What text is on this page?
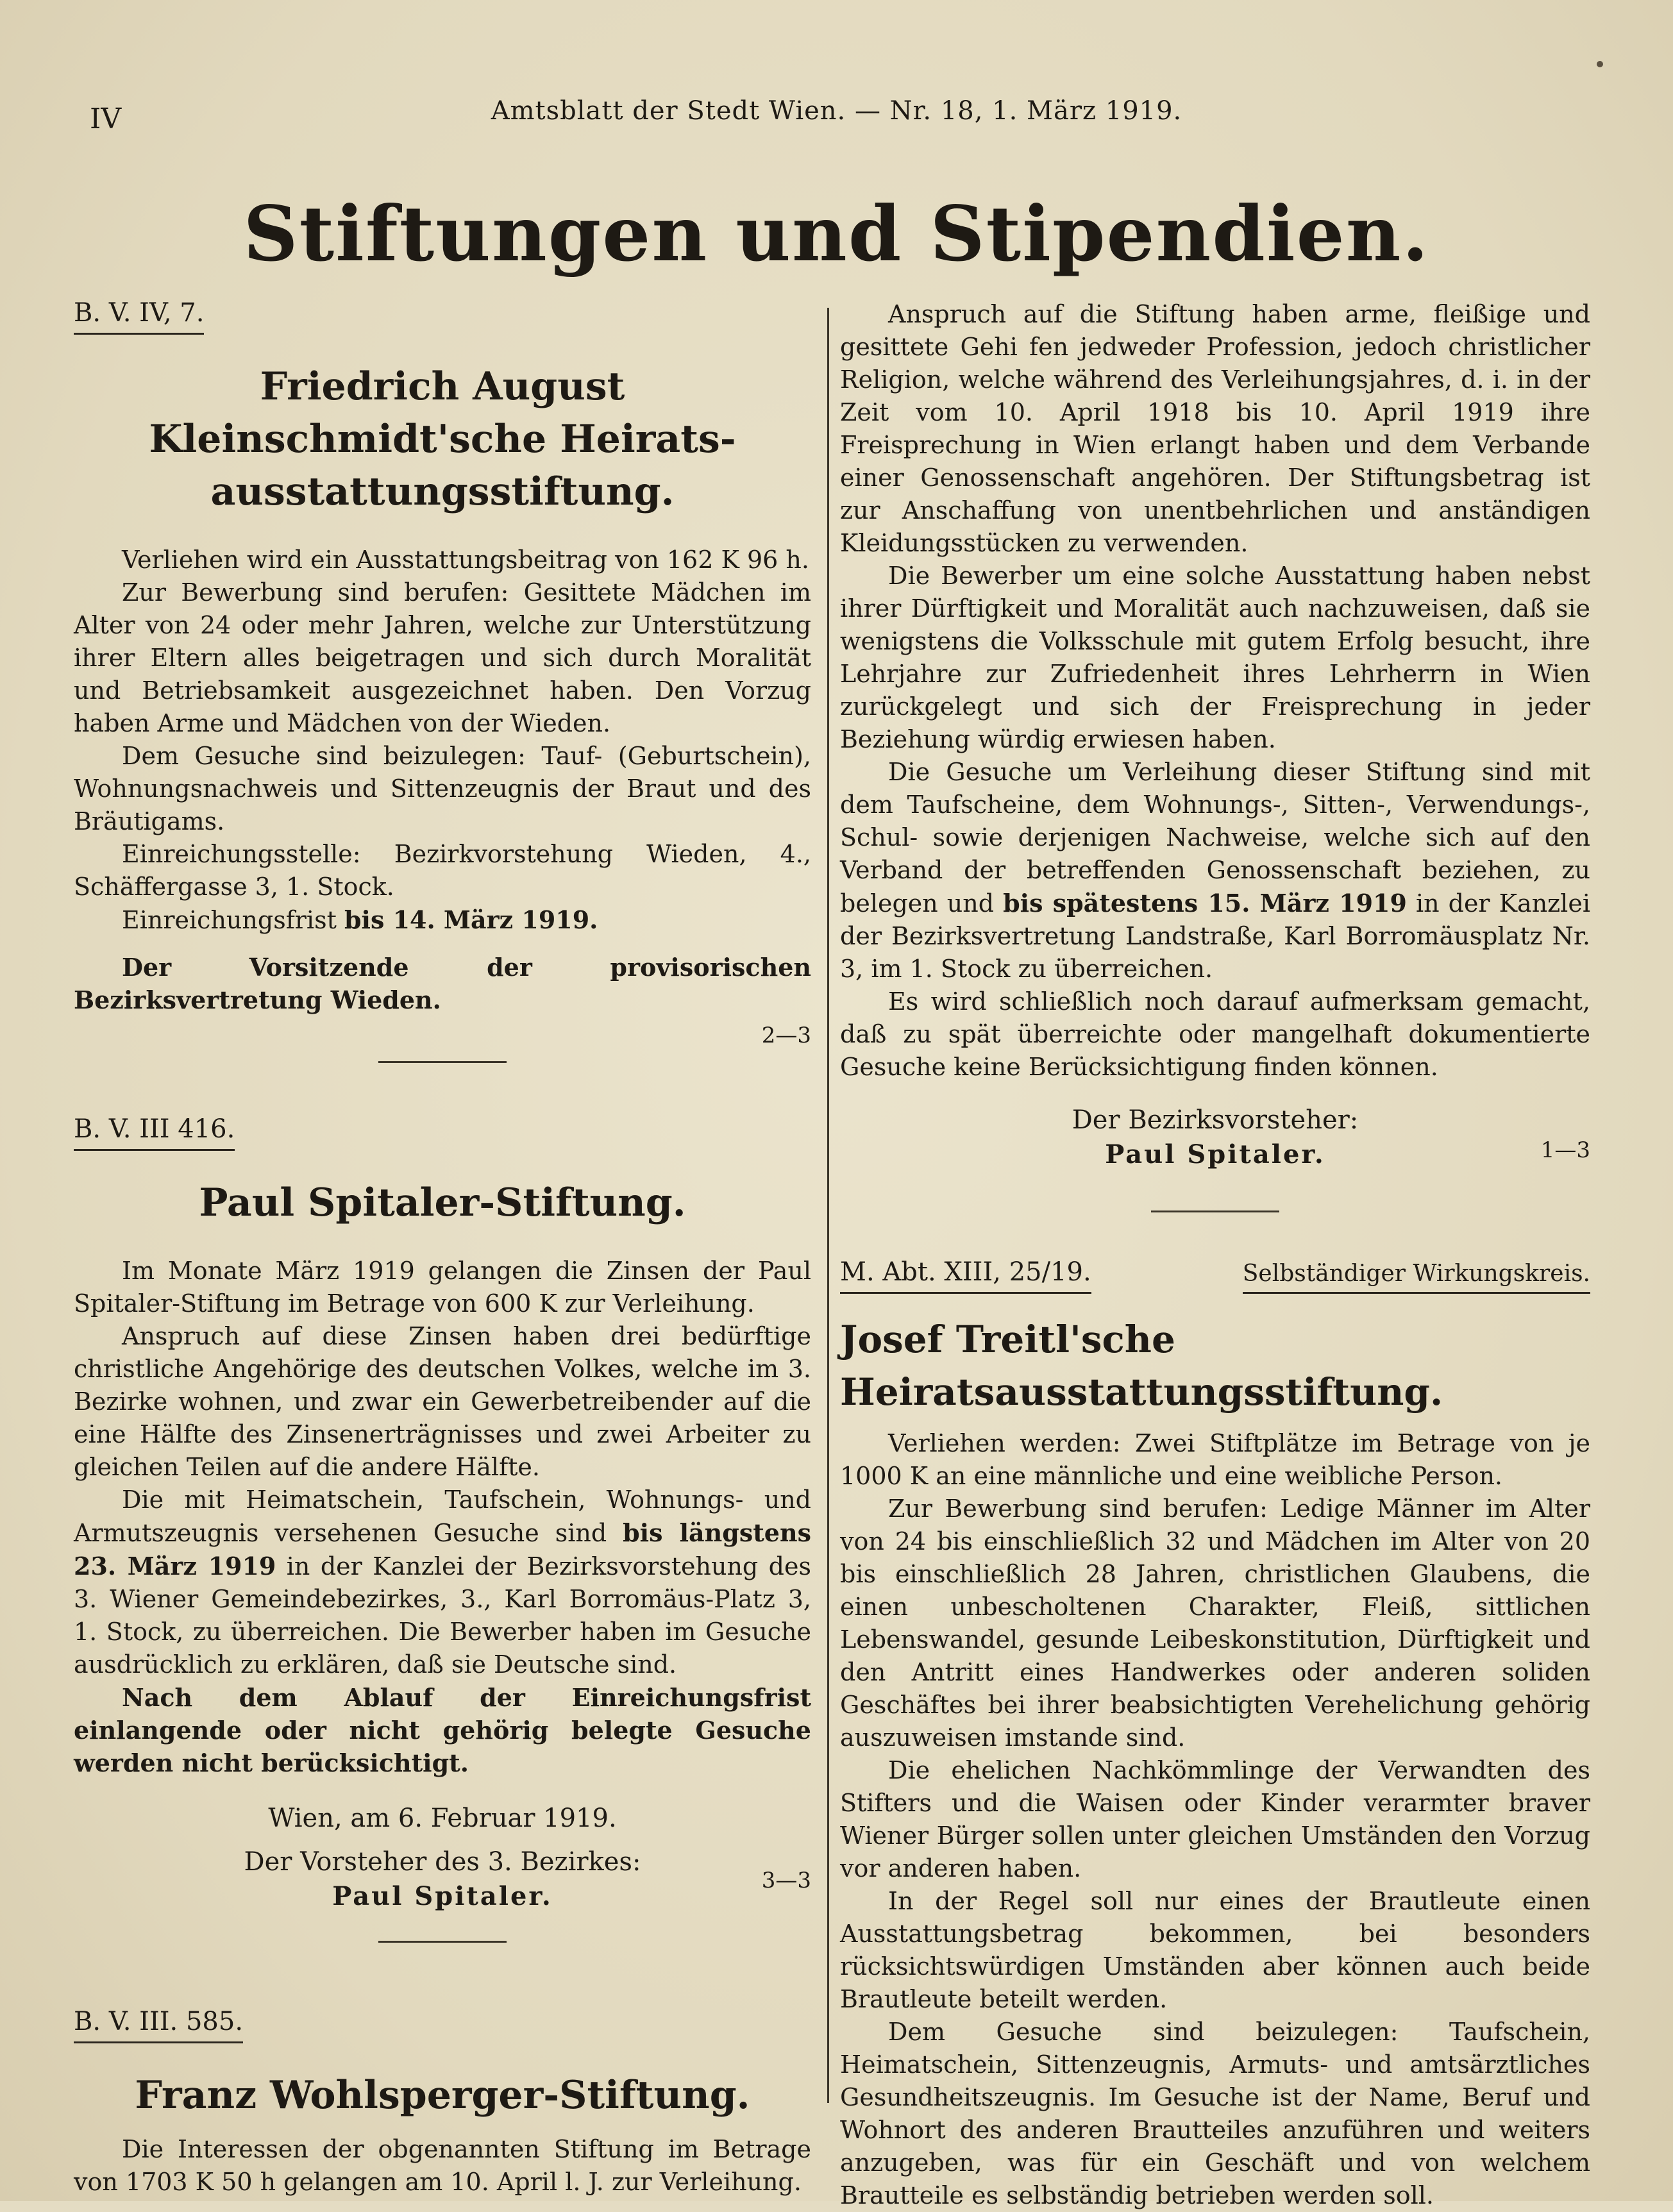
IV	Amtsblatt der Stedt Wien. — Nr. 18, 1. März 1919.
Stiftungen und Stipendien.
B. V. IV, 7.
Friedrich August Kleinschmidt'sche Heirats-ausstattungsstiftung.

Verliehen wird ein Ausstattungsbeitrag von 162 K 96 h.

Zur Bewerbung sind berufen: Gesittete Mädchen im Alter von 24 oder mehr Jahren, welche zur Unterstützung ihrer Eltern alles beigetragen und sich durch Moralität und Betriebsamkeit ausgezeichnet haben. Den Vorzug haben Arme und Mädchen von der Wieden.

Dem Gesuche sind beizulegen: Tauf- (Geburtschein), Wohnungsnachweis und Sittenzeugnis der Braut und des Bräutigams.

Einreichungsstelle: Bezirkvorstehung Wieden, 4., Schäffergasse 3, 1. Stock.

Einreichungsfrist bis 14. März 1919.

Der Vorsitzende der provisorischen Bezirksvertretung Wieden.

2—3
B. V. III 416.
Paul Spitaler-Stiftung.

Im Monate März 1919 gelangen die Zinsen der Paul Spitaler-Stiftung im Betrage von 600 K zur Verleihung.

Anspruch auf diese Zinsen haben drei bedürftige christliche Angehörige des deutschen Volkes, welche im 3. Bezirke wohnen, und zwar ein Gewerbetreibender auf die eine Hälfte des Zinsenerträgnisses und zwei Arbeiter zu gleichen Teilen auf die andere Hälfte.

Die mit Heimatschein, Taufschein, Wohnungs- und Armutszeugnis versehenen Gesuche sind bis längstens 23. März 1919 in der Kanzlei der Bezirksvorstehung des 3. Wiener Gemeindebezirkes, 3., Karl Borromäus-Platz 3, 1. Stock, zu überreichen. Die Bewerber haben im Gesuche ausdrücklich zu erklären, daß sie Deutsche sind.

Nach dem Ablauf der Einreichungsfrist einlangende oder nicht gehörig belegte Gesuche werden nicht berücksichtigt.

Wien, am 6. Februar 1919.
Der Vorsteher des 3. Bezirkes:
Paul Spitaler.
3—3
B. V. III. 585.
Franz Wohlsperger-Stiftung.

Die Interessen der obgenannten Stiftung im Betrage von 1703 K 50 h gelangen am 10. April l. J. zur Verleihung.

Anspruch auf die Stiftung haben arme, fleißige und gesittete Gehi fen jedweder Profession, jedoch christlicher Religion, welche während des Verleihungsjahres, d. i. in der Zeit vom 10. April 1918 bis 10. April 1919 ihre Freisprechung in Wien erlangt haben und dem Verbande einer Genossenschaft angehören. Der Stiftungsbetrag ist zur Anschaffung von unentbehrlichen und anständigen Kleidungsstücken zu verwenden.

Die Bewerber um eine solche Ausstattung haben nebst ihrer Dürftigkeit und Moralität auch nachzuweisen, daß sie wenigstens die Volksschule mit gutem Erfolg besucht, ihre Lehrjahre zur Zufriedenheit ihres Lehrherrn in Wien zurückgelegt und sich der Freisprechung in jeder Beziehung würdig erwiesen haben.

Die Gesuche um Verleihung dieser Stiftung sind mit dem Taufscheine, dem Wohnungs-, Sitten-, Verwendungs-, Schul- sowie derjenigen Nachweise, welche sich auf den Verband der betreffenden Genossenschaft beziehen, zu belegen und bis spätestens 15. März 1919 in der Kanzlei der Bezirksvertretung Landstraße, Karl Borromäusplatz Nr. 3, im 1. Stock zu überreichen.

Es wird schließlich noch darauf aufmerksam gemacht, daß zu spät überreichte oder mangelhaft dokumentierte Gesuche keine Berücksichtigung finden können.

Der Bezirksvorsteher:
Paul Spitaler.	1—3
M. Abt. XIII, 25/19.	Selbständiger Wirkungskreis.
Josef Treitl'sche Heiratsausstattungsstiftung.

Verliehen werden: Zwei Stiftplätze im Betrage von je 1000 K an eine männliche und eine weibliche Person.

Zur Bewerbung sind berufen: Ledige Männer im Alter von 24 bis einschließlich 32 und Mädchen im Alter von 20 bis einschließlich 28 Jahren, christlichen Glaubens, die einen unbescholtenen Charakter, Fleiß, sittlichen Lebenswandel, gesunde Leibeskonstitution, Dürftigkeit und den Antritt eines Handwerkes oder anderen soliden Geschäftes bei ihrer beabsichtigten Verehelichung gehörig auszuweisen imstande sind.

Die ehelichen Nachkömmlinge der Verwandten des Stifters und die Waisen oder Kinder verarmter braver Wiener Bürger sollen unter gleichen Umständen den Vorzug vor anderen haben.

In der Regel soll nur eines der Brautleute einen Ausstattungsbetrag bekommen, bei besonders rücksichtswürdigen Umständen aber können auch beide Brautleute beteilt werden.

Dem Gesuche sind beizulegen: Taufschein, Heimatschein, Sittenzeugnis, Armuts- und amtsärztliches Gesundheitszeugnis. Im Gesuche ist der Name, Beruf und Wohnort des anderen Brautteiles anzuführen und weiters anzugeben, was für ein Geschäft und von welchem Brautteile es selbständig betrieben werden soll.
